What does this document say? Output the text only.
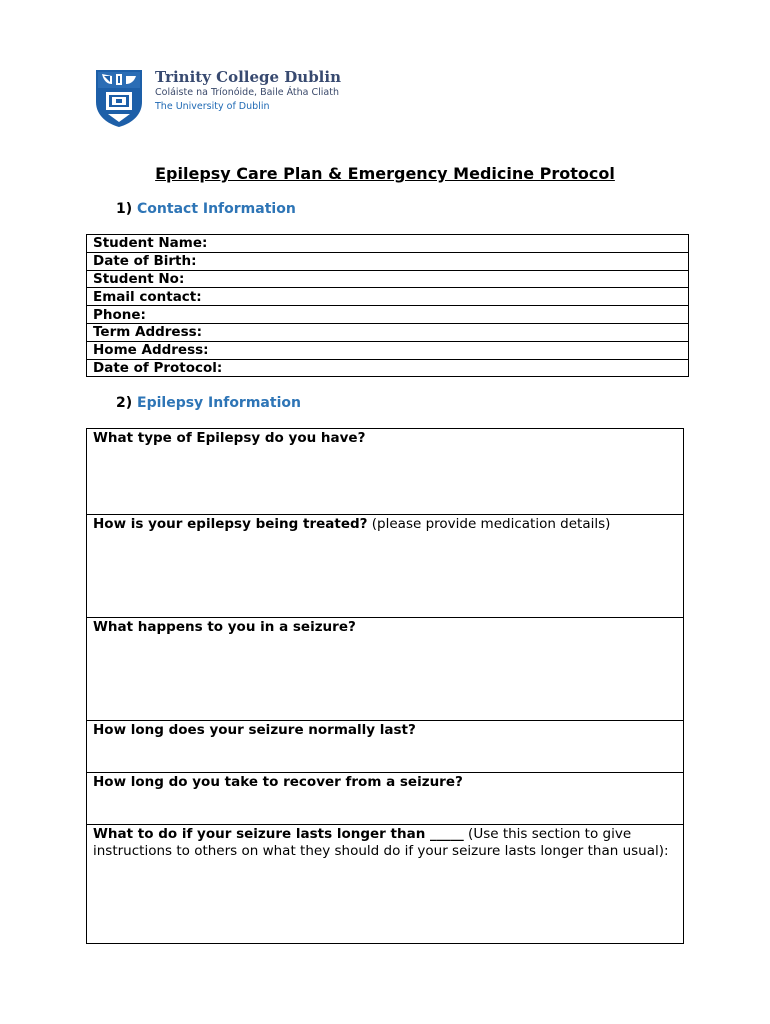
Trinity College Dublin
Coláiste na Tríonóide, Baile Átha Cliath
The University of Dublin
Epilepsy Care Plan & Emergency Medicine Protocol
1) Contact Information
Student Name:
Date of Birth:
Student No:
Email contact:
Phone:
Term Address:
Home Address:
Date of Protocol:
2) Epilepsy Information
What type of Epilepsy do you have?
How is your epilepsy being treated? (please provide medication details)
What happens to you in a seizure?
How long does your seizure normally last?
How long do you take to recover from a seizure?
What to do if your seizure lasts longer than _____ (Use this section to give instructions to others on what they should do if your seizure lasts longer than usual):
